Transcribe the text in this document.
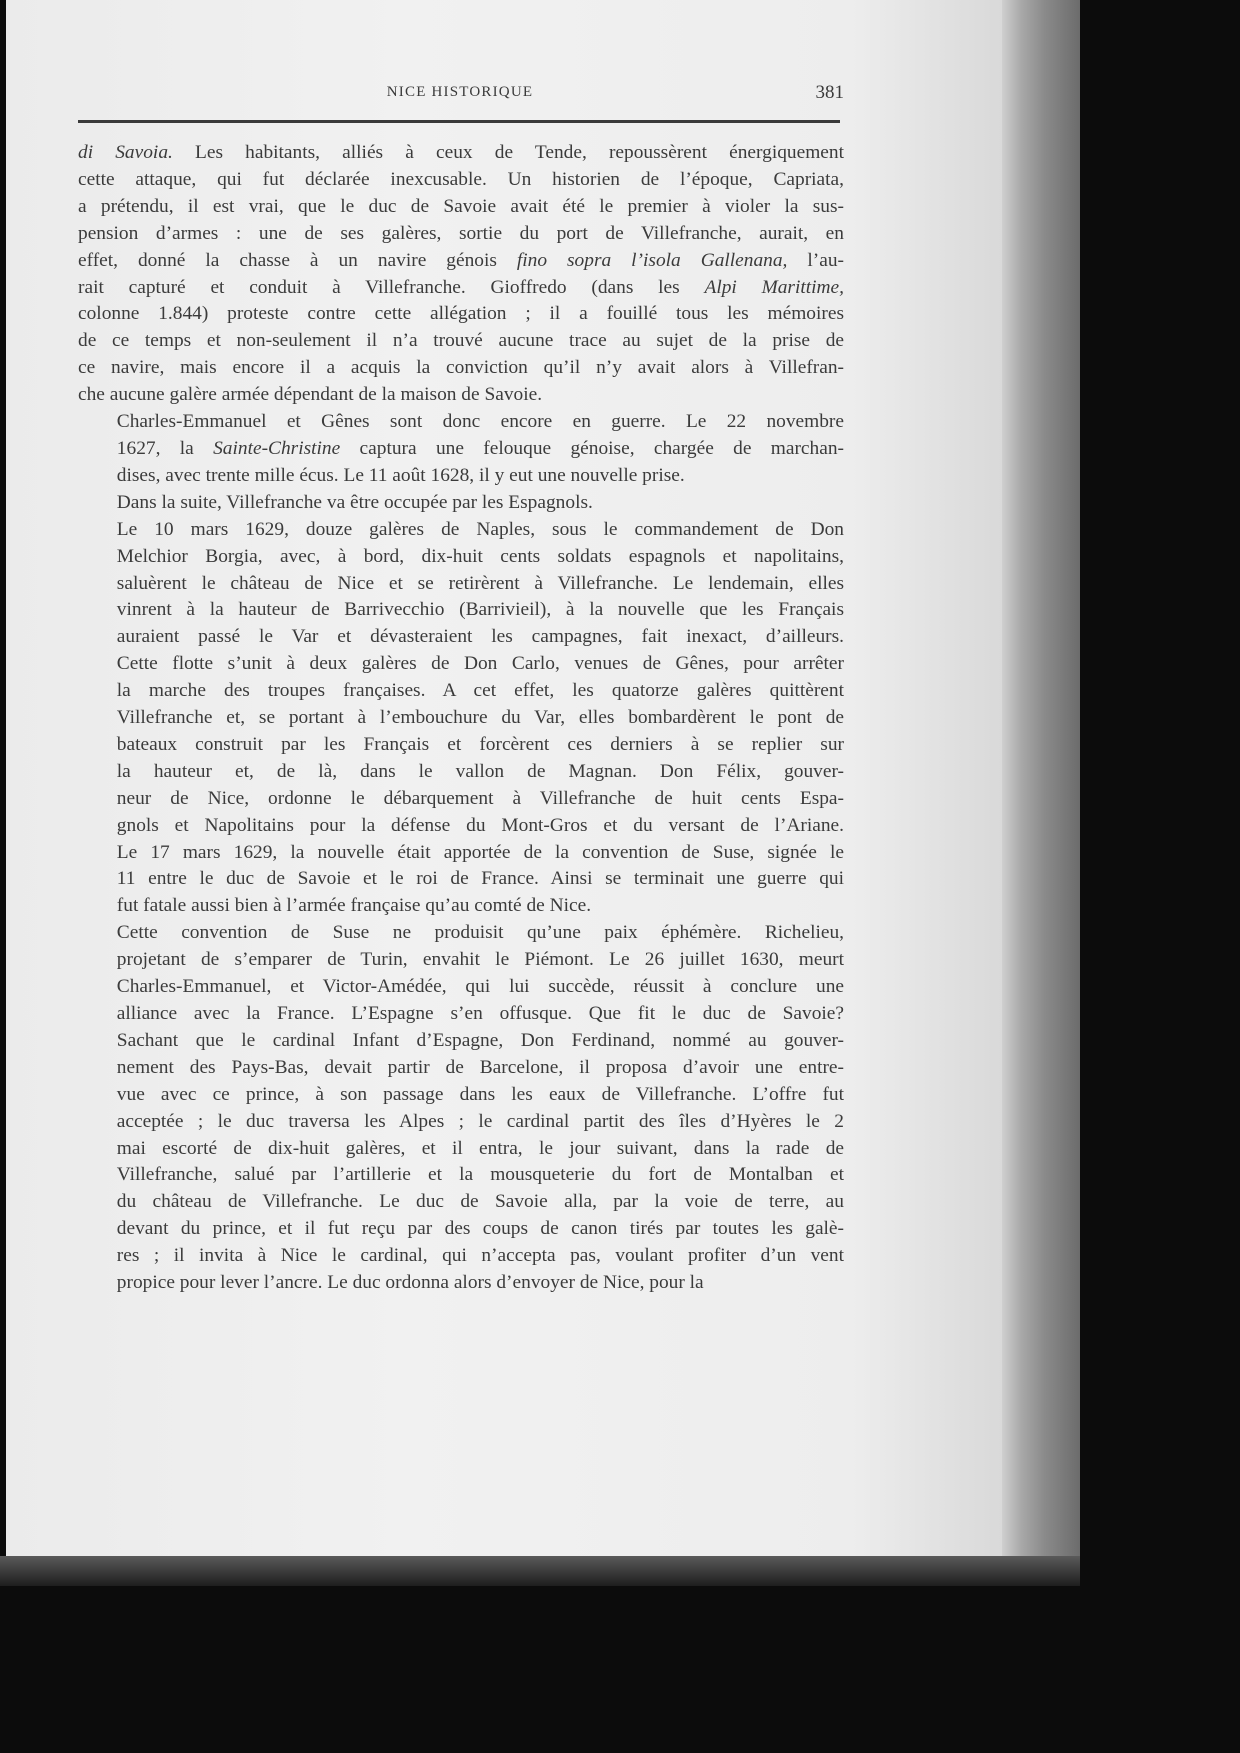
NICE HISTORIQUE	381
di Savoia. Les habitants, alliés à ceux de Tende, repoussèrent énergiquement
cette attaque, qui fut déclarée inexcusable. Un historien de l’époque, Capriata,
a prétendu, il est vrai, que le duc de Savoie avait été le premier à violer la sus-
pension d’armes : une de ses galères, sortie du port de Villefranche, aurait, en
effet, donné la chasse à un navire génois fino sopra l’isola Gallenana, l’au-
rait capturé et conduit à Villefranche. Gioffredo (dans les Alpi Marittime,
colonne 1.844) proteste contre cette allégation ; il a fouillé tous les mémoires
de ce temps et non-seulement il n’a trouvé aucune trace au sujet de la prise de
ce navire, mais encore il a acquis la conviction qu’il n’y avait alors à Villefran-
che aucune galère armée dépendant de la maison de Savoie.
Charles-Emmanuel et Gênes sont donc encore en guerre. Le 22 novembre
1627, la Sainte-Christine captura une felouque génoise, chargée de marchan-
dises, avec trente mille écus. Le 11 août 1628, il y eut une nouvelle prise.
Dans la suite, Villefranche va être occupée par les Espagnols.
Le 10 mars 1629, douze galères de Naples, sous le commandement de Don
Melchior Borgia, avec, à bord, dix-huit cents soldats espagnols et napolitains,
saluèrent le château de Nice et se retirèrent à Villefranche. Le lendemain, elles
vinrent à la hauteur de Barrivecchio (Barrivieil), à la nouvelle que les Français
auraient passé le Var et dévasteraient les campagnes, fait inexact, d’ailleurs.
Cette flotte s’unit à deux galères de Don Carlo, venues de Gênes, pour arrêter
la marche des troupes françaises. A cet effet, les quatorze galères quittèrent
Villefranche et, se portant à l’embouchure du Var, elles bombardèrent le pont de
bateaux construit par les Français et forcèrent ces derniers à se replier sur
la hauteur et, de là, dans le vallon de Magnan. Don Félix, gouver-
neur de Nice, ordonne le débarquement à Villefranche de huit cents Espa-
gnols et Napolitains pour la défense du Mont-Gros et du versant de l’Ariane.
Le 17 mars 1629, la nouvelle était apportée de la convention de Suse, signée le
11 entre le duc de Savoie et le roi de France. Ainsi se terminait une guerre qui
fut fatale aussi bien à l’armée française qu’au comté de Nice.
Cette convention de Suse ne produisit qu’une paix éphémère. Richelieu,
projetant de s’emparer de Turin, envahit le Piémont. Le 26 juillet 1630, meurt
Charles-Emmanuel, et Victor-Amédée, qui lui succède, réussit à conclure une
alliance avec la France. L’Espagne s’en offusque. Que fit le duc de Savoie?
Sachant que le cardinal Infant d’Espagne, Don Ferdinand, nommé au gouver-
nement des Pays-Bas, devait partir de Barcelone, il proposa d’avoir une entre-
vue avec ce prince, à son passage dans les eaux de Villefranche. L’offre fut
acceptée ; le duc traversa les Alpes ; le cardinal partit des îles d’Hyères le 2
mai escorté de dix-huit galères, et il entra, le jour suivant, dans la rade de
Villefranche, salué par l’artillerie et la mousqueterie du fort de Montalban et
du château de Villefranche. Le duc de Savoie alla, par la voie de terre, au
devant du prince, et il fut reçu par des coups de canon tirés par toutes les galè-
res ; il invita à Nice le cardinal, qui n’accepta pas, voulant profiter d’un vent
propice pour lever l’ancre. Le duc ordonna alors d’envoyer de Nice, pour la
